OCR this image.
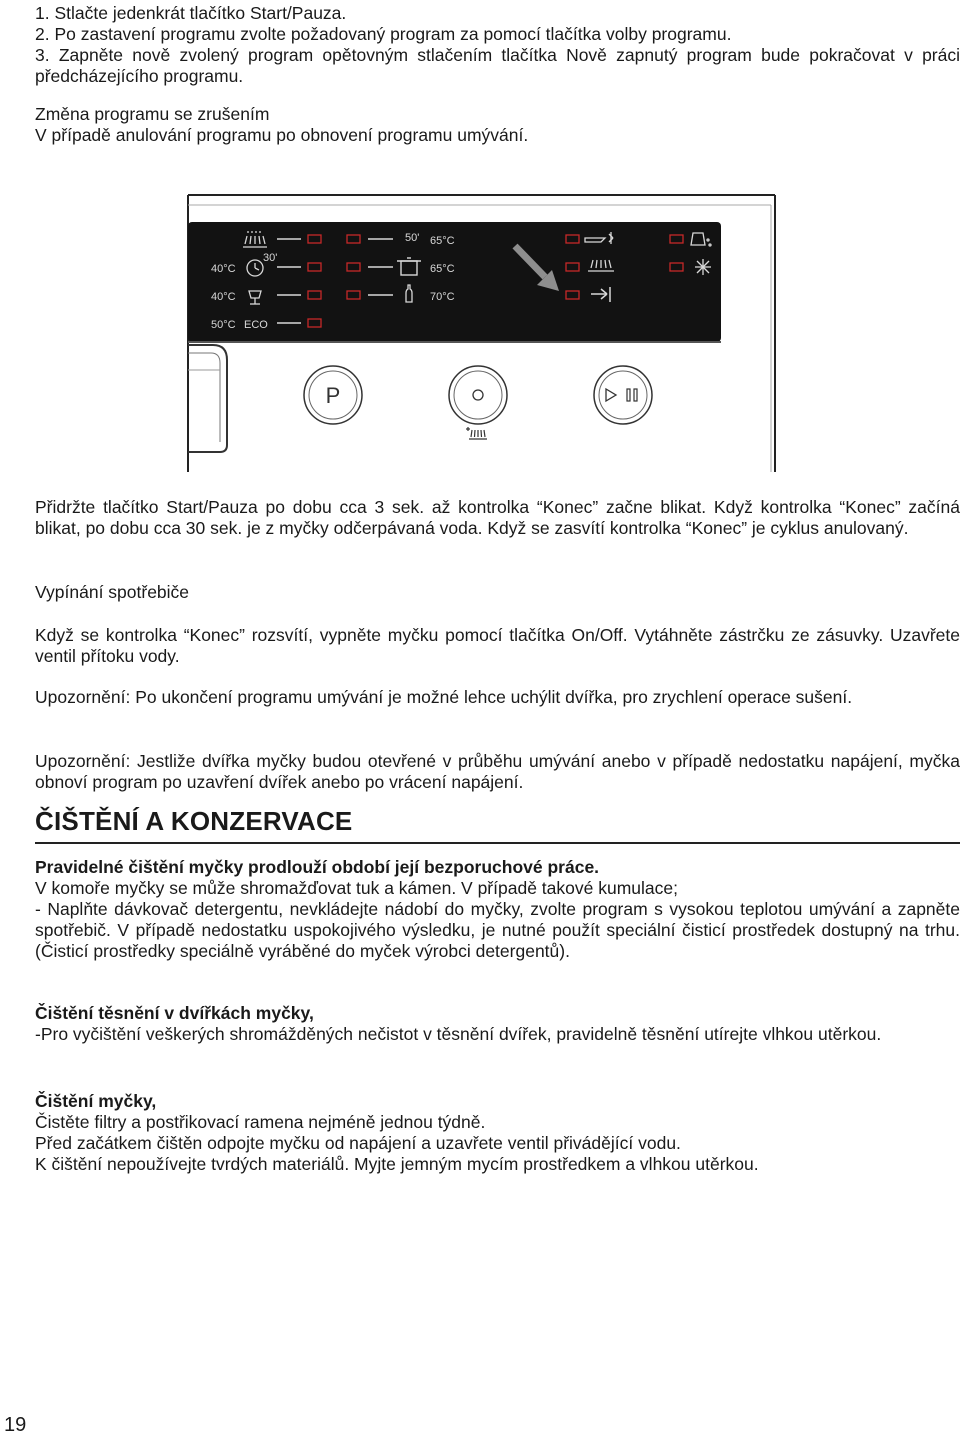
1. Stlačte jedenkrát tlačítko Start/Pauza.

2. Po zastavení programu zvolte požadovaný program za pomocí tlačítka volby programu.

3. Zapněte nově zvolený program opětovným stlačením tlačítka Nově zapnutý program bude pokračovat v práci předcházejícího programu.

Změna programu se zrušením

V případě anulování programu po obnovení programu umývání.

40°C
40°C
50°C ECO
30'
50' 65°C
65°C
70°C
P

Přidržte tlačítko Start/Pauza po dobu cca 3 sek. až kontrolka “Konec” začne blikat. Když kontrolka “Konec” začíná blikat, po dobu cca 30 sek. je z myčky odčerpávaná voda. Když se zasvítí kontrolka “Konec” je cyklus anulovaný.

Vypínání spotřebiče

Když se kontrolka “Konec” rozsvítí, vypněte myčku pomocí tlačítka On/Off. Vytáhněte zástrčku ze zásuvky. Uzavřete ventil přítoku vody.

Upozornění: Po ukončení programu umývání je možné lehce uchýlit dvířka, pro zrychlení operace sušení.

Upozornění: Jestliže dvířka myčky budou otevřené v průběhu umývání anebo v případě nedostatku napájení, myčka obnoví program po uzavření dvířek anebo po vrácení napájení.

ČIŠTĚNÍ A KONZERVACE

Pravidelné čištění myčky prodlouží období její bezporuchové práce.

V komoře myčky se může shromažďovat tuk a kámen. V případě takové kumulace;

- Naplňte dávkovač detergentu, nevkládejte nádobí do myčky, zvolte program s vysokou teplotou umývání a zapněte spotřebič. V případě nedostatku uspokojivého výsledku, je nutné použít speciální čisticí prostředek dostupný na trhu. (Čisticí prostředky speciálně vyráběné do myček výrobci detergentů).

Čištění těsnění v dvířkách myčky,

-Pro vyčištění veškerých shromážděných nečistot v těsnění dvířek, pravidelně těsnění utírejte vlhkou utěrkou.

Čištění myčky,

Čistěte filtry a postřikovací ramena nejméně jednou týdně.

Před začátkem čištěn odpojte myčku od napájení a uzavřete ventil přivádějící vodu.

K čištění nepoužívejte tvrdých materiálů. Myjte jemným mycím prostředkem a vlhkou utěrkou.

19
